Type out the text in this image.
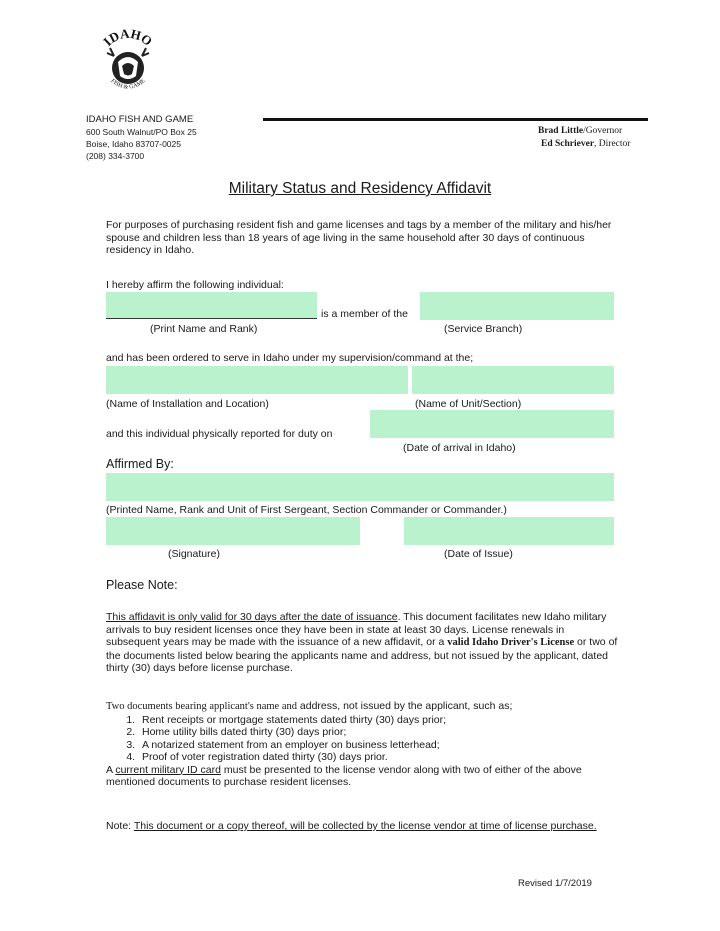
IDAHO
FISH & GAME
IDAHO FISH AND GAME
600 South Walnut/PO Box 25
Boise, Idaho 83707-0025
(208) 334-3700
Brad Little/Governor
Ed Schriever, Director
Military Status and Residency Affidavit
For purposes of purchasing resident fish and game licenses and tags by a member of the military and his/her spouse and children less than 18 years of age living in the same household after 30 days of continuous residency in Idaho.
I hereby affirm the following individual:
is a member of the
(Print Name and Rank)	(Service Branch)
and has been ordered to serve in Idaho under my supervision/command at the;
(Name of Installation and Location)	(Name of Unit/Section)
and this individual physically reported for duty on
(Date of arrival in Idaho)
Affirmed By:
(Printed Name, Rank and Unit of First Sergeant, Section Commander or Commander.)
(Signature)	(Date of Issue)
Please Note:
This affidavit is only valid for 30 days after the date of issuance. This document facilitates new Idaho military arrivals to buy resident licenses once they have been in state at least 30 days. License renewals in subsequent years may be made with the issuance of a new affidavit, or a valid Idaho Driver's License or two of the documents listed below bearing the applicants name and address, but not issued by the applicant, dated thirty (30) days before license purchase.
Two documents bearing applicant's name and address, not issued by the applicant, such as;
1. Rent receipts or mortgage statements dated thirty (30) days prior;
2. Home utility bills dated thirty (30) days prior;
3. A notarized statement from an employer on business letterhead;
4. Proof of voter registration dated thirty (30) days prior.
A current military ID card must be presented to the license vendor along with two of either of the above mentioned documents to purchase resident licenses.
Note: This document or a copy thereof, will be collected by the license vendor at time of license purchase.
Revised 1/7/2019
